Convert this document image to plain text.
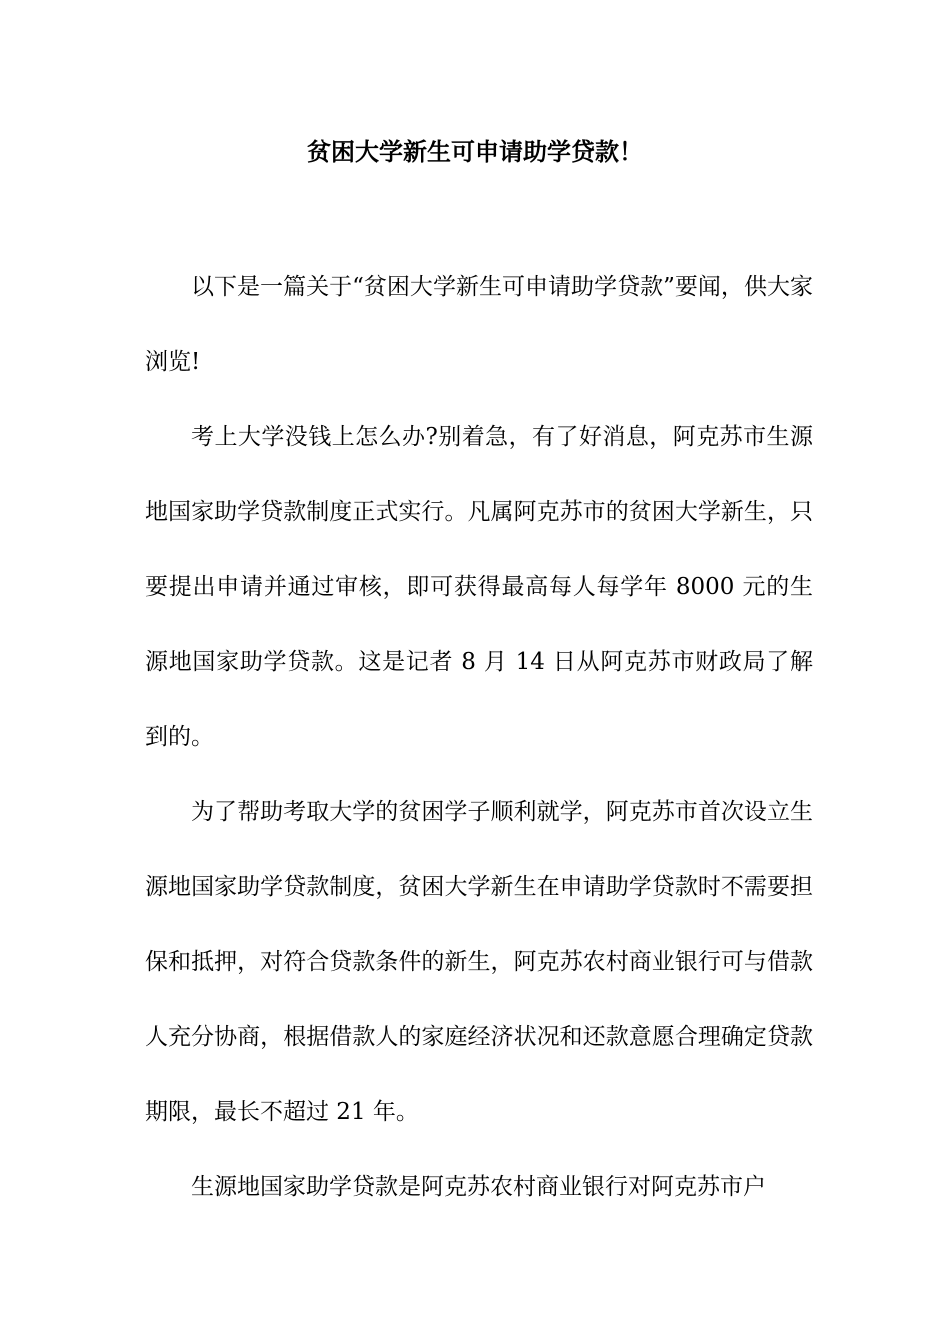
贫困大学新生可申请助学贷款！

以下是一篇关于“贫困大学新生可申请助学贷款”要闻，供大家浏览!

考上大学没钱上怎么办?别着急，有了好消息，阿克苏市生源地国家助学贷款制度正式实行。凡属阿克苏市的贫困大学新生，只要提出申请并通过审核，即可获得最高每人每学年 8000 元的生源地国家助学贷款。这是记者 8 月 14 日从阿克苏市财政局了解到的。

为了帮助考取大学的贫困学子顺利就学，阿克苏市首次设立生源地国家助学贷款制度，贫困大学新生在申请助学贷款时不需要担保和抵押，对符合贷款条件的新生，阿克苏农村商业银行可与借款人充分协商，根据借款人的家庭经济状况和还款意愿合理确定贷款期限，最长不超过 21 年。

生源地国家助学贷款是阿克苏农村商业银行对阿克苏市户
